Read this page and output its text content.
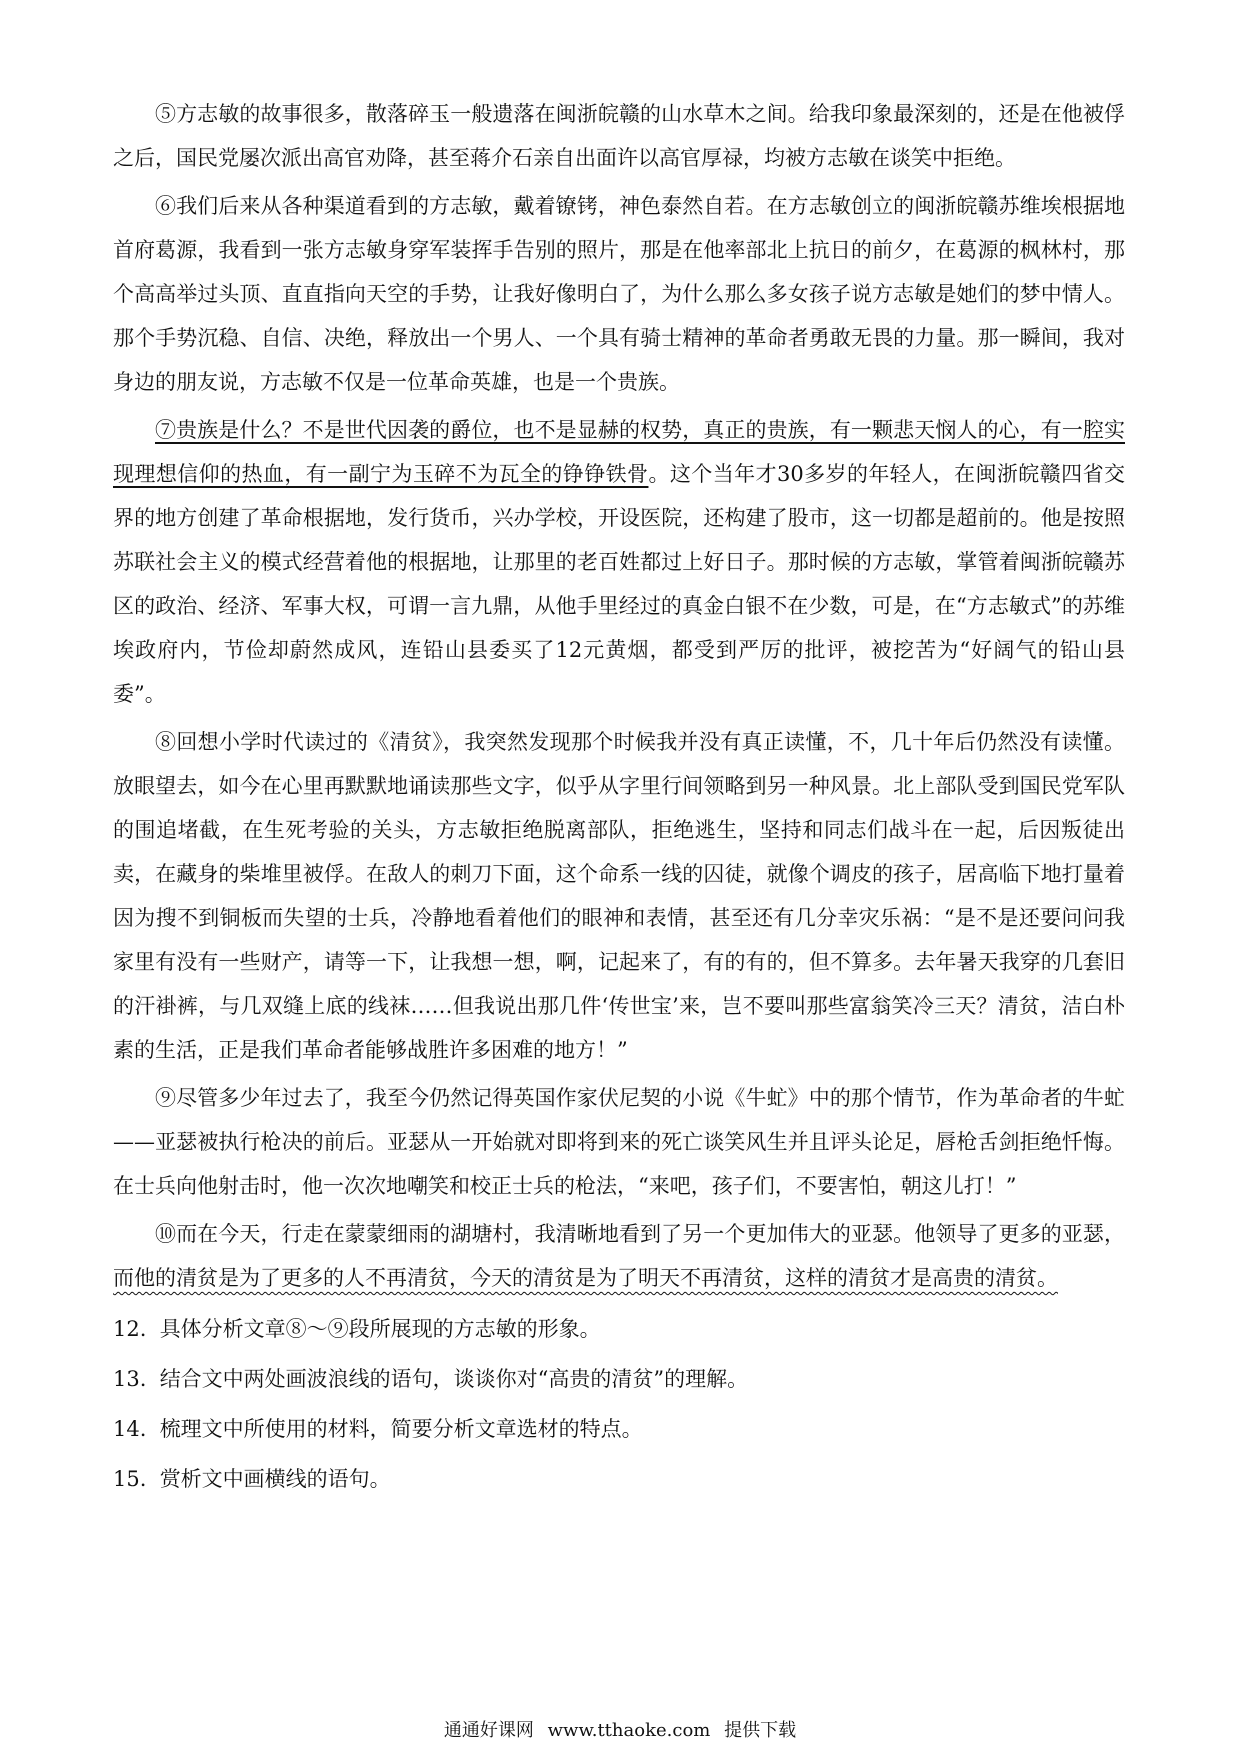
⑤方志敏的故事很多，散落碎玉一般遗落在闽浙皖赣的山水草木之间。给我印象最深刻的，还是在他被俘之后，国民党屡次派出高官劝降，甚至蒋介石亲自出面许以高官厚禄，均被方志敏在谈笑中拒绝。

⑥我们后来从各种渠道看到的方志敏，戴着镣铐，神色泰然自若。在方志敏创立的闽浙皖赣苏维埃根据地首府葛源，我看到一张方志敏身穿军装挥手告别的照片，那是在他率部北上抗日的前夕，在葛源的枫林村，那个高高举过头顶、直直指向天空的手势，让我好像明白了，为什么那么多女孩子说方志敏是她们的梦中情人。那个手势沉稳、自信、决绝，释放出一个男人、一个具有骑士精神的革命者勇敢无畏的力量。那一瞬间，我对身边的朋友说，方志敏不仅是一位革命英雄，也是一个贵族。

⑦贵族是什么？不是世代因袭的爵位，也不是显赫的权势，真正的贵族，有一颗悲天悯人的心，有一腔实现理想信仰的热血，有一副宁为玉碎不为瓦全的铮铮铁骨。这个当年才30多岁的年轻人，在闽浙皖赣四省交界的地方创建了革命根据地，发行货币，兴办学校，开设医院，还构建了股市，这一切都是超前的。他是按照苏联社会主义的模式经营着他的根据地，让那里的老百姓都过上好日子。那时候的方志敏，掌管着闽浙皖赣苏区的政治、经济、军事大权，可谓一言九鼎，从他手里经过的真金白银不在少数，可是，在“方志敏式”的苏维埃政府内，节俭却蔚然成风，连铅山县委买了12元黄烟，都受到严厉的批评，被挖苦为“好阔气的铅山县委”。

⑧回想小学时代读过的《清贫》，我突然发现那个时候我并没有真正读懂，不，几十年后仍然没有读懂。放眼望去，如今在心里再默默地诵读那些文字，似乎从字里行间领略到另一种风景。北上部队受到国民党军队的围追堵截，在生死考验的关头，方志敏拒绝脱离部队，拒绝逃生，坚持和同志们战斗在一起，后因叛徒出卖，在藏身的柴堆里被俘。在敌人的刺刀下面，这个命系一线的囚徒，就像个调皮的孩子，居高临下地打量着因为搜不到铜板而失望的士兵，冷静地看着他们的眼神和表情，甚至还有几分幸灾乐祸：“是不是还要问问我家里有没有一些财产，请等一下，让我想一想，啊，记起来了，有的有的，但不算多。去年暑天我穿的几套旧的汗褂裤，与几双缝上底的线袜……但我说出那几件‘传世宝’来，岂不要叫那些富翁笑冷三天？清贫，洁白朴素的生活，正是我们革命者能够战胜许多困难的地方！”

⑨尽管多少年过去了，我至今仍然记得英国作家伏尼契的小说《牛虻》中的那个情节，作为革命者的牛虻——亚瑟被执行枪决的前后。亚瑟从一开始就对即将到来的死亡谈笑风生并且评头论足，唇枪舌剑拒绝忏悔。在士兵向他射击时，他一次次地嘲笑和校正士兵的枪法，“来吧，孩子们，不要害怕，朝这儿打！”

⑩而在今天，行走在蒙蒙细雨的湖塘村，我清晰地看到了另一个更加伟大的亚瑟。他领导了更多的亚瑟，而他的清贫是为了更多的人不再清贫，今天的清贫是为了明天不再清贫，这样的清贫才是高贵的清贫。

12. 具体分析文章⑧～⑨段所展现的方志敏的形象。

13. 结合文中两处画波浪线的语句，谈谈你对“高贵的清贫”的理解。

14. 梳理文中所使用的材料，简要分析文章选材的特点。

15. 赏析文中画横线的语句。

通通好课网 www.tthaoke.com 提供下载
